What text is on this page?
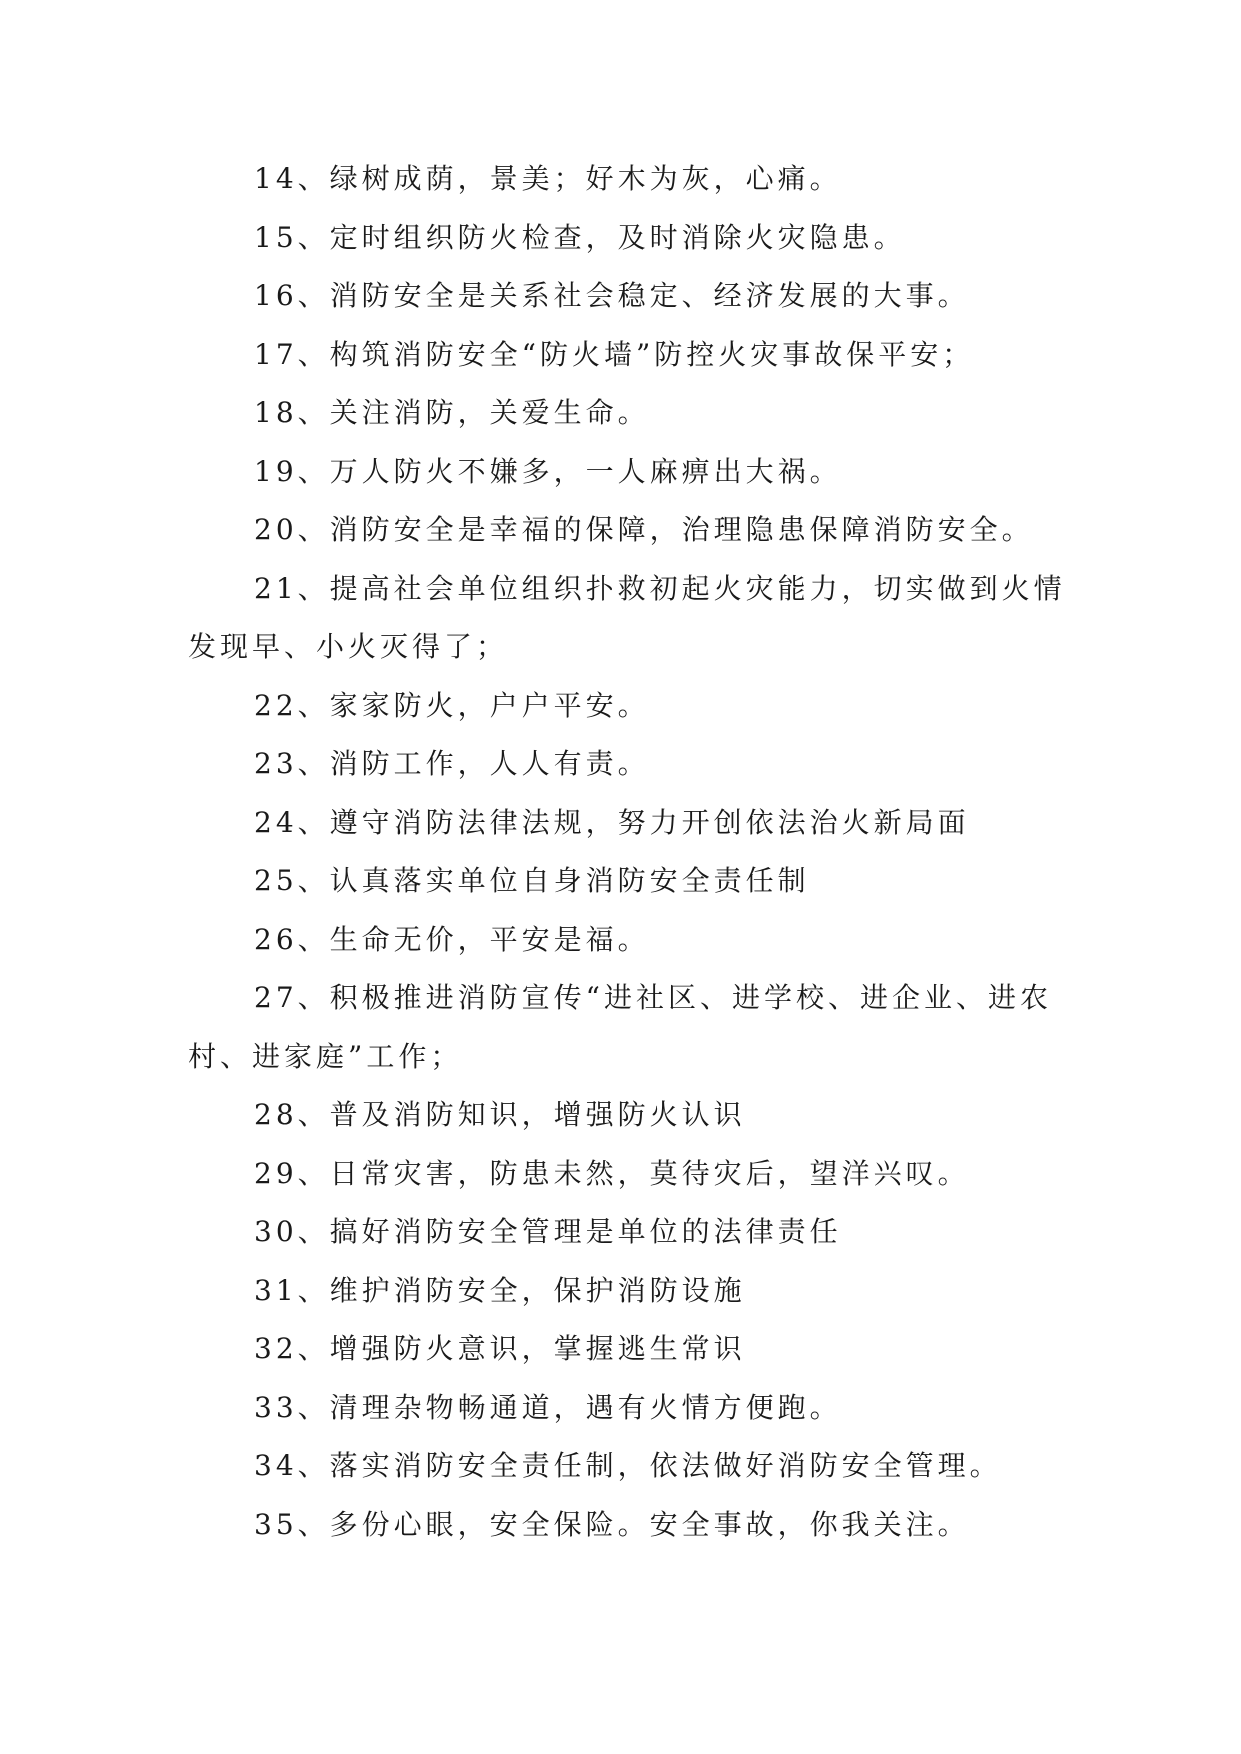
14、绿树成荫，景美；好木为灰，心痛。

15、定时组织防火检查，及时消除火灾隐患。

16、消防安全是关系社会稳定、经济发展的大事。

17、构筑消防安全“防火墙”防控火灾事故保平安；

18、关注消防，关爱生命。

19、万人防火不嫌多，一人麻痹出大祸。

20、消防安全是幸福的保障，治理隐患保障消防安全。

21、提高社会单位组织扑救初起火灾能力，切实做到火情发现早、小火灭得了；

22、家家防火，户户平安。

23、消防工作，人人有责。

24、遵守消防法律法规，努力开创依法治火新局面

25、认真落实单位自身消防安全责任制

26、生命无价，平安是福。

27、积极推进消防宣传“进社区、进学校、进企业、进农村、进家庭”工作；

28、普及消防知识，增强防火认识

29、日常灾害，防患未然，莫待灾后，望洋兴叹。

30、搞好消防安全管理是单位的法律责任

31、维护消防安全，保护消防设施

32、增强防火意识，掌握逃生常识

33、清理杂物畅通道，遇有火情方便跑。

34、落实消防安全责任制，依法做好消防安全管理。

35、多份心眼，安全保险。安全事故，你我关注。
